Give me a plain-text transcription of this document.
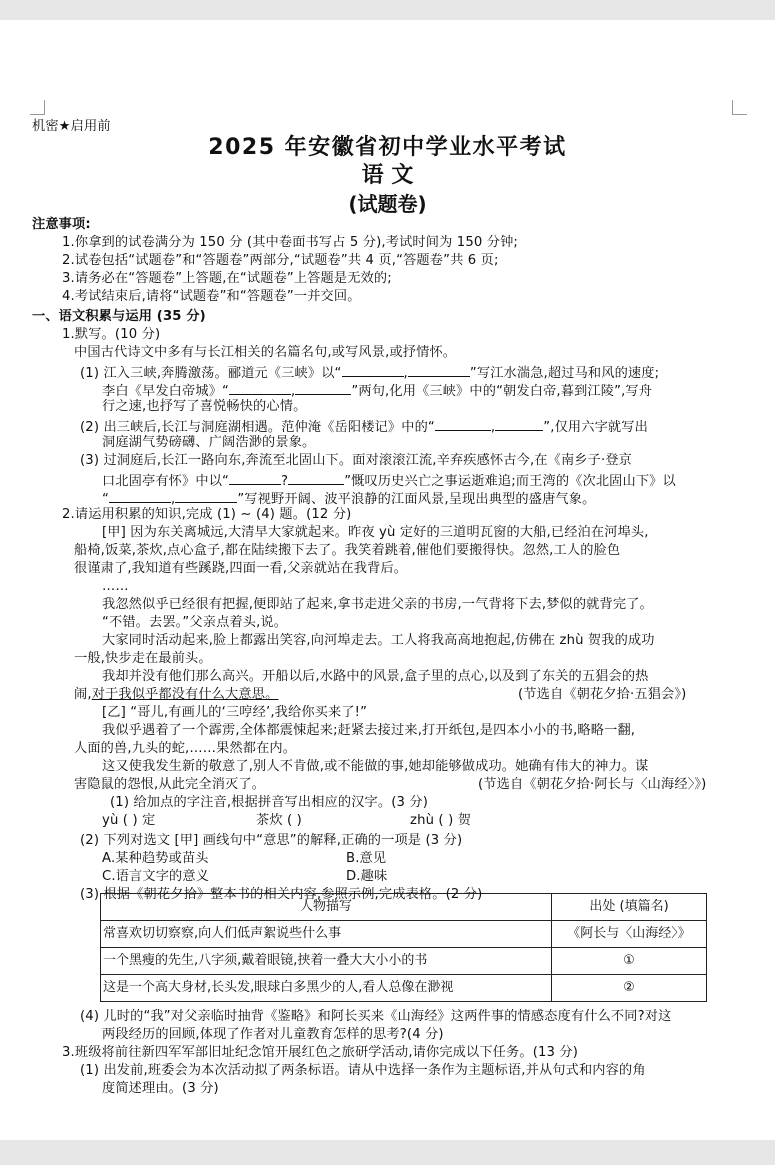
机密★启用前
2025 年安徽省初中学业水平考试
语 文
(试题卷)
注意事项:
1.你拿到的试卷满分为 150 分 (其中卷面书写占 5 分),考试时间为 150 分钟;
2.试卷包括“试题卷”和“答题卷”两部分,“试题卷”共 4 页,“答题卷”共 6 页;
3.请务必在“答题卷”上答题,在“试题卷”上答题是无效的;
4.考试结束后,请将“试题卷”和“答题卷”一并交回。
一、语文积累与运用 (35 分)
1.默写。(10 分)
中国古代诗文中多有与长江相关的名篇名句,或写风景,或抒情怀。
(1) 江入三峡,奔腾激荡。郦道元《三峡》以“	,	”写江水湍急,超过马和风的速度;
李白《早发白帝城》“	,	”两句,化用《三峡》中的“朝发白帝,暮到江陵”,写舟
行之速,也抒写了喜悦畅快的心情。
(2) 出三峡后,长江与洞庭湖相遇。范仲淹《岳阳楼记》中的“	,	”,仅用六字就写出
洞庭湖气势磅礴、广阔浩渺的景象。
(3) 过洞庭后,长江一路向东,奔流至北固山下。面对滚滚江流,辛弃疾感怀古今,在《南乡子·登京
口北固亭有怀》中以“	?	”慨叹历史兴亡之事运逝难追;而王湾的《次北固山下》以
“	,	”写视野开阔、波平浪静的江面风景,呈现出典型的盛唐气象。
2.请运用积累的知识,完成 (1) ~ (4) 题。(12 分)
[甲] 因为东关离城远,大清早大家就起来。昨夜 yù 定好的三道明瓦窗的大船,已经泊在河埠头,
船椅,饭菜,茶炊,点心盒子,都在陆续搬下去了。我笑着跳着,催他们要搬得快。忽然,工人的脸色
很谨肃了,我知道有些蹊跷,四面一看,父亲就站在我背后。
……
我忽然似乎已经很有把握,便即站了起来,拿书走进父亲的书房,一气背将下去,梦似的就背完了。
“不错。去罢。”父亲点着头,说。
大家同时活动起来,脸上都露出笑容,向河埠走去。工人将我高高地抱起,仿佛在 zhù 贺我的成功
一般,快步走在最前头。
我却并没有他们那么高兴。开船以后,水路中的风景,盒子里的点心,以及到了东关的五猖会的热
闹,对于我似乎都没有什么大意思。	(节选自《朝花夕拾·五猖会》)
[乙] “哥儿,有画儿的‘三哼经’,我给你买来了!”
我似乎遇着了一个霹雳,全体都震悚起来;赶紧去接过来,打开纸包,是四本小小的书,略略一翻,
人面的兽,九头的蛇,……果然都在内。
这又使我发生新的敬意了,别人不肯做,或不能做的事,她却能够做成功。她确有伟大的神力。谋
害隐鼠的怨恨,从此完全消灭了。	(节选自《朝花夕拾·阿长与〈山海经〉》)
(1) 给加点的字注音,根据拼音写出相应的汉字。(3 分)
yù ( ) 定	茶炊 ( )	zhù ( ) 贺
(2) 下列对选文 [甲] 画线句中“意思”的解释,正确的一项是 (3 分)
A.某种趋势或苗头	B.意见
C.语言文字的意义	D.趣味
(3) 根据《朝花夕拾》整本书的相关内容,参照示例,完成表格。(2 分)
人物描写	出处 (填篇名)
常喜欢切切察察,向人们低声絮说些什么事	《阿长与〈山海经〉》
一个黑瘦的先生,八字须,戴着眼镜,挟着一叠大大小小的书	①
这是一个高大身材,长头发,眼球白多黑少的人,看人总像在渺视	②
(4) 儿时的“我”对父亲临时抽背《鉴略》和阿长买来《山海经》这两件事的情感态度有什么不同?对这
两段经历的回顾,体现了作者对儿童教育怎样的思考?(4 分)
3.班级将前往新四军军部旧址纪念馆开展红色之旅研学活动,请你完成以下任务。(13 分)
(1) 出发前,班委会为本次活动拟了两条标语。请从中选择一条作为主题标语,并从句式和内容的角
度简述理由。(3 分)
